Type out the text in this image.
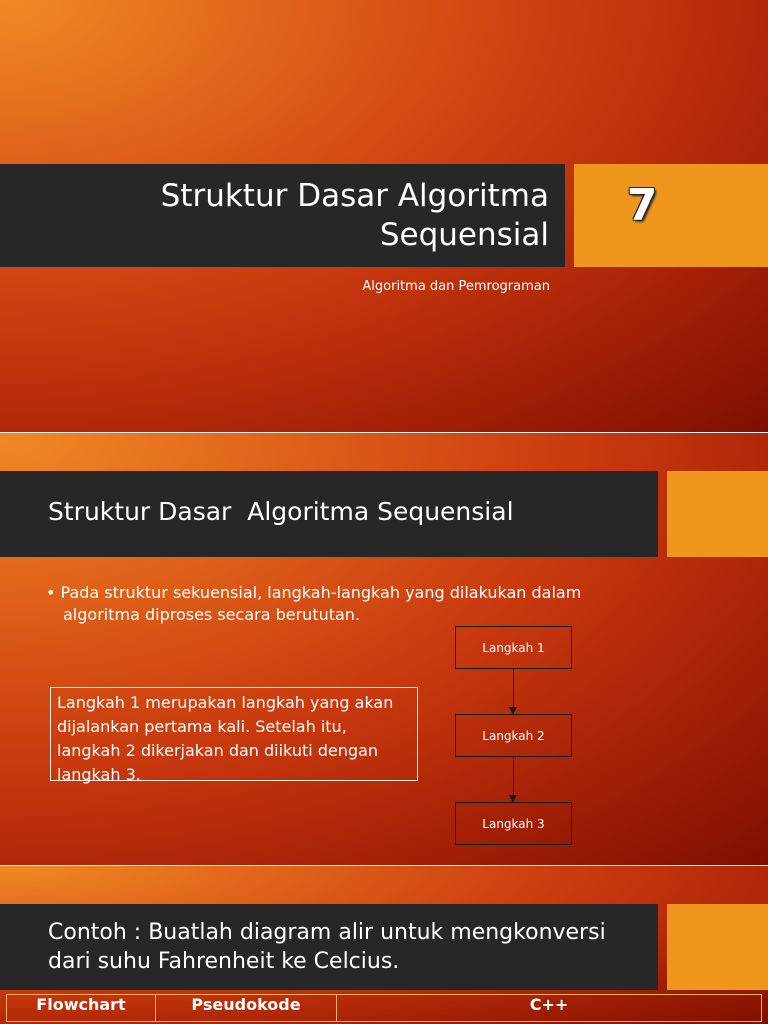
Struktur Dasar Algoritma
Sequensial
7
Algoritma dan Pemrograman
Struktur Dasar  Algoritma Sequensial
• Pada struktur sekuensial, langkah-langkah yang dilakukan dalam algoritma diproses secara berututan.
Langkah 1 merupakan langkah yang akan dijalankan pertama kali. Setelah itu, langkah 2 dikerjakan dan diikuti dengan langkah 3.
Langkah 1
Langkah 2
Langkah 3
Contoh : Buatlah diagram alir untuk mengkonversi dari suhu Fahrenheit ke Celcius.
Flowchart	Pseudokode	C++
